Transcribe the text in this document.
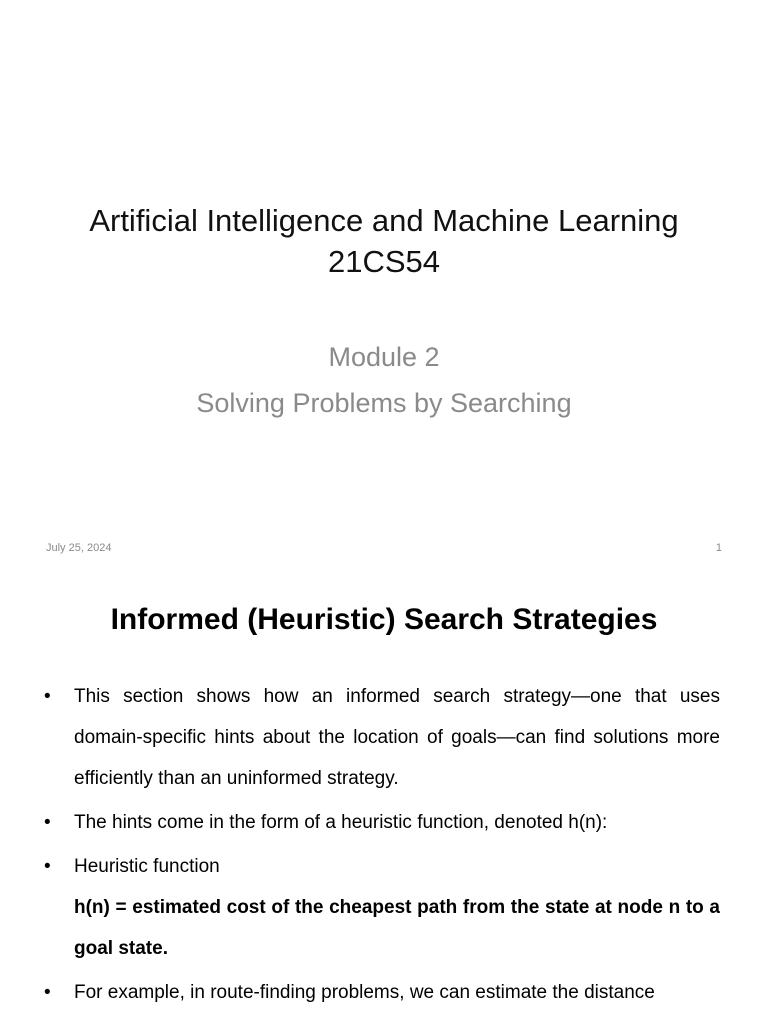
Artificial Intelligence and Machine Learning
21CS54
Module 2
Solving Problems by Searching
July 25, 2024	1
Informed (Heuristic) Search Strategies
• This section shows how an informed search strategy—one that uses domain-specific hints about the location of goals—can find solutions more efficiently than an uninformed strategy.
• The hints come in the form of a heuristic function, denoted h(n):
• Heuristic function
h(n) = estimated cost of the cheapest path from the state at node n to a goal state.
• For example, in route-finding problems, we can estimate the distance
